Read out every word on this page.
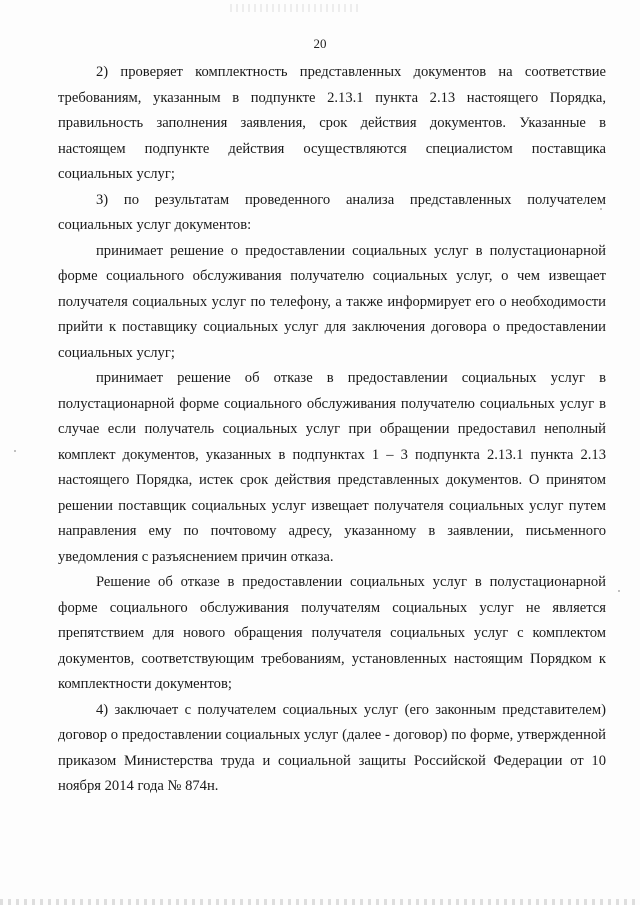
20

2) проверяет комплектность представленных документов на соответствие требованиям, указанным в подпункте 2.13.1 пункта 2.13 настоящего Порядка, правильность заполнения заявления, срок действия документов. Указанные в настоящем подпункте действия осуществляются специалистом поставщика социальных услуг;

3) по результатам проведенного анализа представленных получателем социальных услуг документов:

принимает решение о предоставлении социальных услуг в полустационарной форме социального обслуживания получателю социальных услуг, о чем извещает получателя социальных услуг по телефону, а также информирует его о необходимости прийти к поставщику социальных услуг для заключения договора о предоставлении социальных услуг;

принимает решение об отказе в предоставлении социальных услуг в полустационарной форме социального обслуживания получателю социальных услуг в случае если получатель социальных услуг при обращении предоставил неполный комплект документов, указанных в подпунктах 1 – 3 подпункта 2.13.1 пункта 2.13 настоящего Порядка, истек срок действия представленных документов. О принятом решении поставщик социальных услуг извещает получателя социальных услуг путем направления ему по почтовому адресу, указанному в заявлении, письменного уведомления с разъяснением причин отказа.

Решение об отказе в предоставлении социальных услуг в полустационарной форме социального обслуживания получателям социальных услуг не является препятствием для нового обращения получателя социальных услуг с комплектом документов, соответствующим требованиям, установленных настоящим Порядком к комплектности документов;

4) заключает с получателем социальных услуг (его законным представителем) договор о предоставлении социальных услуг (далее - договор) по форме, утвержденной приказом Министерства труда и социальной защиты Российской Федерации от 10 ноября 2014 года № 874н.
